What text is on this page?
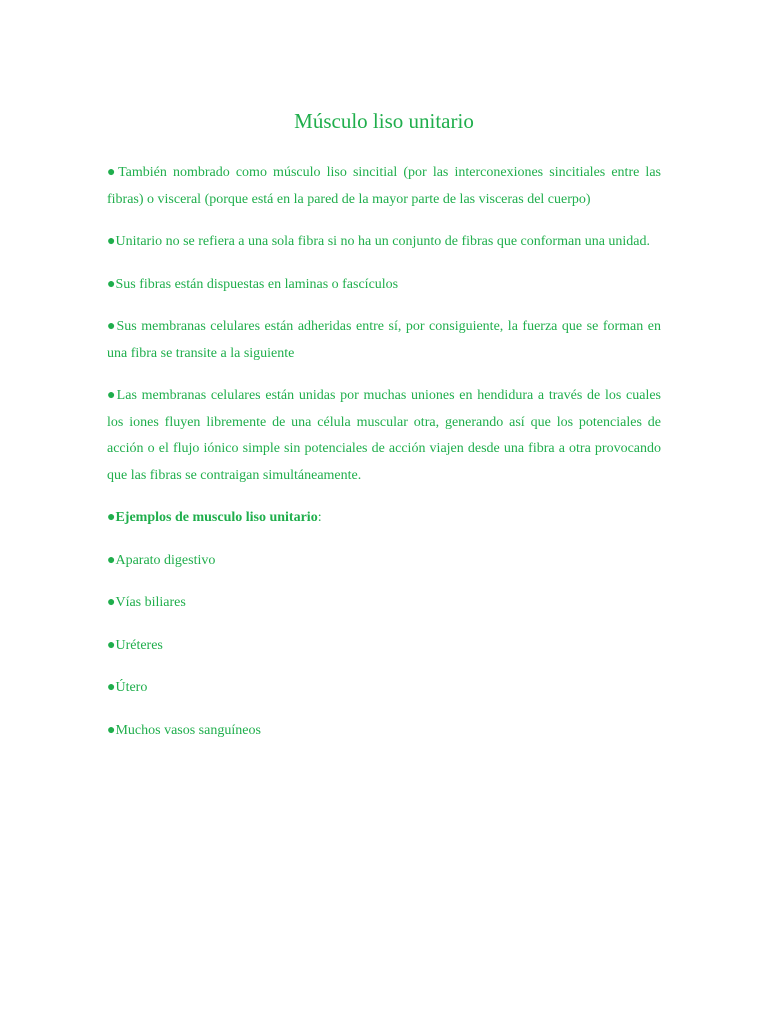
Músculo liso unitario

●También nombrado como músculo liso sincitial (por las interconexiones sincitiales entre las fibras) o visceral (porque está en la pared de la mayor parte de las visceras del cuerpo)

●Unitario no se refiera a una sola fibra si no ha un conjunto de fibras que conforman una unidad.

●Sus fibras están dispuestas en laminas o fascículos

●Sus membranas celulares están adheridas entre sí, por consiguiente, la fuerza que se forman en una fibra se transite a la siguiente

●Las membranas celulares están unidas por muchas uniones en hendidura a través de los cuales los iones fluyen libremente de una célula muscular otra, generando así que los potenciales de acción o el flujo iónico simple sin potenciales de acción viajen desde una fibra a otra provocando que las fibras se contraigan simultáneamente.

●Ejemplos de musculo liso unitario:

●Aparato digestivo

●Vías biliares

●Uréteres

●Útero

●Muchos vasos sanguíneos
